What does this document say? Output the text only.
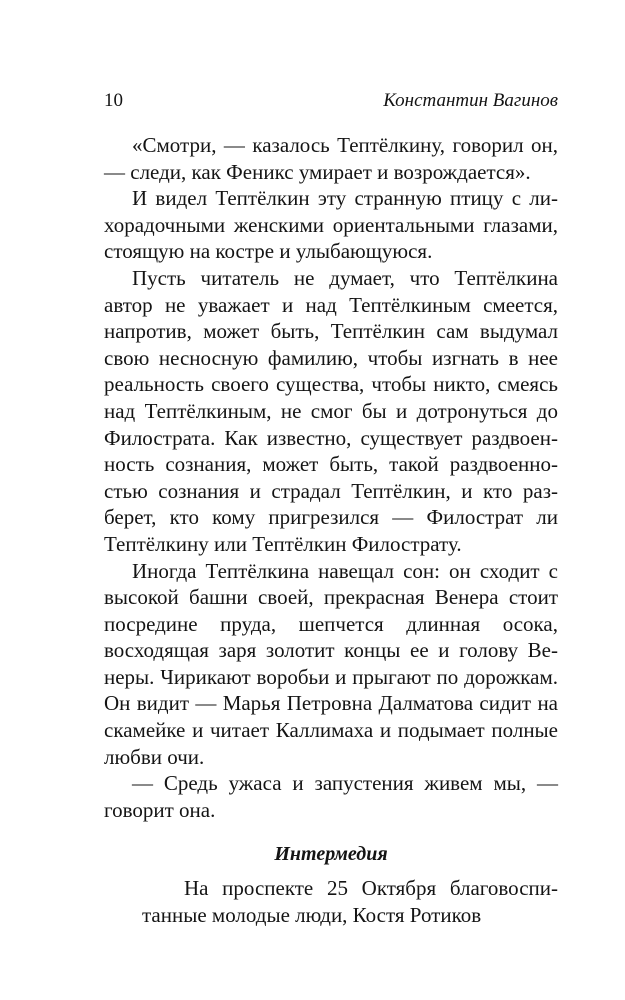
10	Константин Вагинов

«Смотри, — казалось Тептёлкину, говорил он, — следи, как Феникс умирает и возрождается».

И видел Тептёлкин эту странную птицу с лихорадочными женскими ориентальными глазами, стоящую на костре и улыбающуюся.

Пусть читатель не думает, что Тептёлкина автор не уважает и над Тептёлкиным смеется, напротив, может быть, Тептёлкин сам выдумал свою несносную фамилию, чтобы изгнать в нее реальность своего существа, чтобы никто, смеясь над Тептёлкиным, не смог бы и дотронуться до Филострата. Как известно, существует раздвоенность сознания, может быть, такой раздвоенностью сознания и страдал Тептёлкин, и кто разберет, кто кому пригрезился — Филострат ли Тептёлкину или Тептёлкин Филострату.

Иногда Тептёлкина навещал сон: он сходит с высокой башни своей, прекрасная Венера стоит посредине пруда, шепчется длинная осока, восходящая заря золотит концы ее и голову Венеры. Чирикают воробьи и прыгают по дорожкам. Он видит — Марья Петровна Далматова сидит на скамейке и читает Каллимаха и подымает полные любви очи.

— Средь ужаса и запустения живем мы, — говорит она.

Интермедия

На проспекте 25 Октября благовоспитанные молодые люди, Костя Ротиков
